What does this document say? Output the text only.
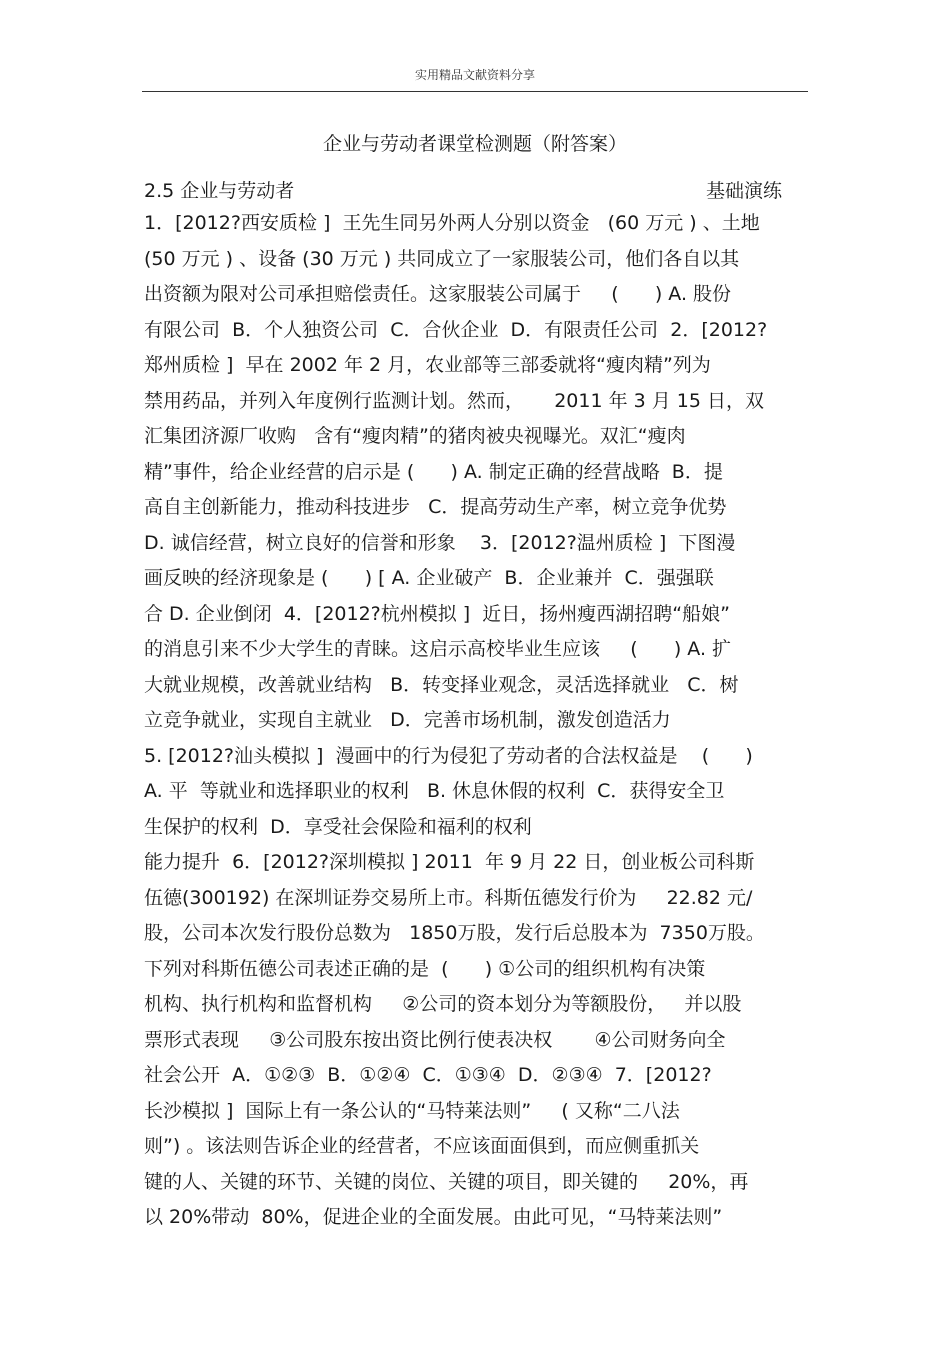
实用精品文献资料分享
企业与劳动者课堂检测题（附答案）
2.5 企业与劳动者	基础演练
1．[2012?西安质检 ]  王先生同另外两人分别以资金   (60 万元 ) 、土地
(50 万元 ) 、设备 (30 万元 ) 共同成立了一家服装公司，他们各自以其
出资额为限对公司承担赔偿责任。这家服装公司属于     (      ) A. 股份
有限公司  B．个人独资公司  C．合伙企业  D．有限责任公司  2．[2012?
郑州质检 ]  早在 2002 年 2 月，农业部等三部委就将“瘦肉精”列为
禁用药品，并列入年度例行监测计划。然而，     2011 年 3 月 15 日，双
汇集团济源厂收购   含有“瘦肉精”的猪肉被央视曝光。双汇“瘦肉
精”事件，给企业经营的启示是 (      ) A. 制定正确的经营战略  B．提
高自主创新能力，推动科技进步   C．提高劳动生产率，树立竞争优势
D. 诚信经营，树立良好的信誉和形象    3．[2012?温州质检 ]  下图漫
画反映的经济现象是 (      ) [ A. 企业破产  B．企业兼并  C．强强联
合 D. 企业倒闭  4．[2012?杭州模拟 ]  近日，扬州瘦西湖招聘“船娘”
的消息引来不少大学生的青睐。这启示高校毕业生应该     (      ) A. 扩
大就业规模，改善就业结构   B．转变择业观念，灵活选择就业   C．树
立竞争就业，实现自主就业   D．完善市场机制，激发创造活力
5. [2012?汕头模拟 ]  漫画中的行为侵犯了劳动者的合法权益是    (      )
A. 平  等就业和选择职业的权利   B. 休息休假的权利  C．获得安全卫
生保护的权利  D．享受社会保险和福利的权利
能力提升  6．[2012?深圳模拟 ] 2011  年 9 月 22 日，创业板公司科斯
伍德(300192) 在深圳证券交易所上市。科斯伍德发行价为     22.82 元/
股，公司本次发行股份总数为   1850万股，发行后总股本为  7350万股。
下列对科斯伍德公司表述正确的是  (      ) ①公司的组织机构有决策
机构、执行机构和监督机构     ②公司的资本划分为等额股份，   并以股
票形式表现     ③公司股东按出资比例行使表决权       ④公司财务向全
社会公开  A．①②③  B．①②④  C．①③④  D．②③④  7．[2012?
长沙模拟 ]  国际上有一条公认的“马特莱法则”     ( 又称“二八法
则”) 。该法则告诉企业的经营者，不应该面面俱到，而应侧重抓关
键的人、关键的环节、关键的岗位、关键的项目，即关键的     20%，再
以 20%带动  80%，促进企业的全面发展。由此可见，“马特莱法则”
